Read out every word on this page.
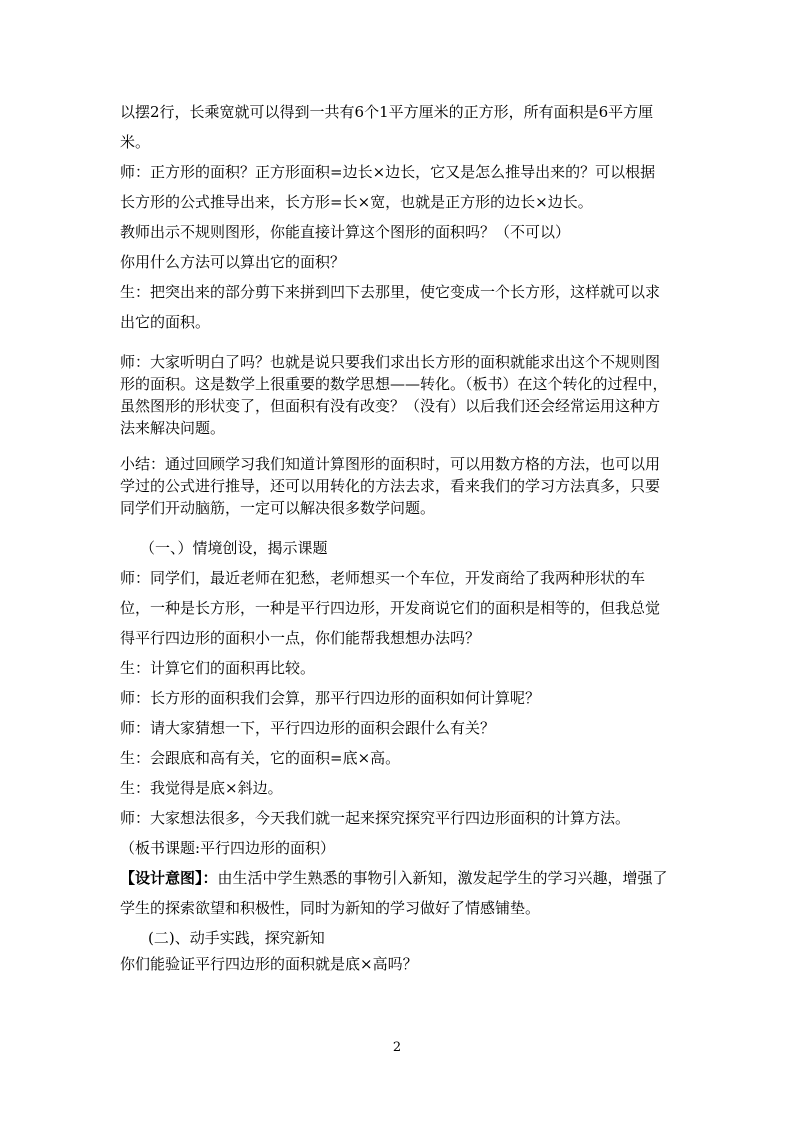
以摆2行，长乘宽就可以得到一共有6个1平方厘米的正方形，所有面积是6平方厘米。

师：正方形的面积？正方形面积=边长×边长，它又是怎么推导出来的？可以根据长方形的公式推导出来，长方形=长×宽，也就是正方形的边长×边长。

教师出示不规则图形，你能直接计算这个图形的面积吗？（不可以）

你用什么方法可以算出它的面积？

生：把突出来的部分剪下来拼到凹下去那里，使它变成一个长方形，这样就可以求出它的面积。

师：大家听明白了吗？也就是说只要我们求出长方形的面积就能求出这个不规则图形的面积。这是数学上很重要的数学思想——转化。（板书）在这个转化的过程中，虽然图形的形状变了，但面积有没有改变？（没有）以后我们还会经常运用这种方法来解决问题。

小结：通过回顾学习我们知道计算图形的面积时，可以用数方格的方法，也可以用学过的公式进行推导，还可以用转化的方法去求，看来我们的学习方法真多，只要同学们开动脑筋，一定可以解决很多数学问题。

（一、）情境创设，揭示课题

师：同学们，最近老师在犯愁，老师想买一个车位，开发商给了我两种形状的车位，一种是长方形，一种是平行四边形，开发商说它们的面积是相等的，但我总觉得平行四边形的面积小一点，你们能帮我想想办法吗？

生：计算它们的面积再比较。

师：长方形的面积我们会算，那平行四边形的面积如何计算呢？

师：请大家猜想一下，平行四边形的面积会跟什么有关？

生：会跟底和高有关，它的面积=底×高。

生：我觉得是底×斜边。

师：大家想法很多，今天我们就一起来探究探究平行四边形面积的计算方法。

（板书课题:平行四边形的面积）

【设计意图】：由生活中学生熟悉的事物引入新知，激发起学生的学习兴趣，增强了学生的探索欲望和积极性，同时为新知的学习做好了情感铺垫。

(二)、动手实践，探究新知

你们能验证平行四边形的面积就是底×高吗？

2
